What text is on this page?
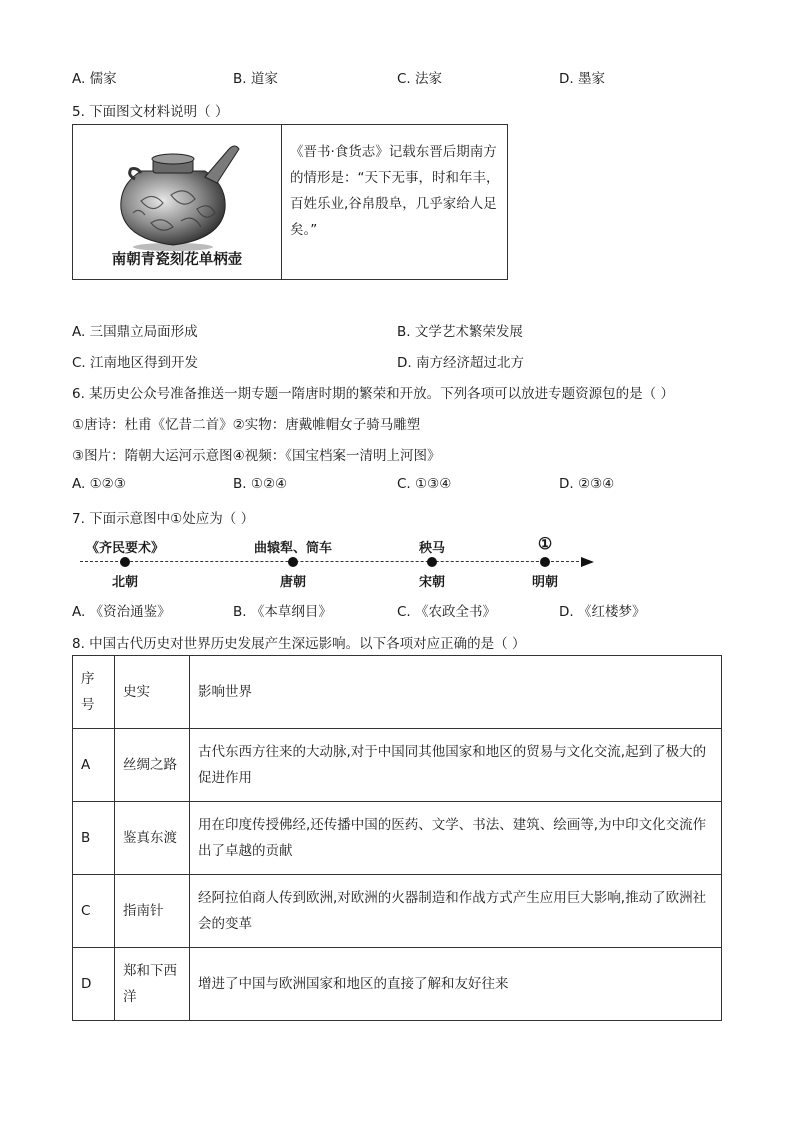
A. 儒家	B. 道家	C. 法家	D. 墨家
5. 下面图文材料说明（ ）
南朝青瓷刻花单柄壶
《晋书·食货志》记载东晋后期南方的情形是：“天下无事，时和年丰，百姓乐业,谷帛殷阜，几乎家给人足矣。”
A. 三国鼎立局面形成	B. 文学艺术繁荣发展
C. 江南地区得到开发	D. 南方经济超过北方
6. 某历史公众号准备推送一期专题一隋唐时期的繁荣和开放。下列各项可以放进专题资源包的是（ ）
①唐诗：杜甫《忆昔二首》②实物：唐戴帷帽女子骑马雕塑
③图片：隋朝大运河示意图④视频：《国宝档案一清明上河图》
A. ①②③	B. ①②④	C. ①③④	D. ②③④
7. 下面示意图中①处应为（ ）
《齐民要术》
北朝
曲辕犁、筒车
唐朝
秧马
宋朝
①
明朝
A. 《资治通鉴》	B. 《本草纲目》	C. 《农政全书》	D. 《红楼梦》
8. 中国古代历史对世界历史发展产生深远影响。以下各项对应正确的是（ ）
序号	史实	影响世界
A	丝绸之路	古代东西方往来的大动脉,对于中国同其他国家和地区的贸易与文化交流,起到了极大的促进作用
B	鉴真东渡	用在印度传授佛经,还传播中国的医药、文学、书法、建筑、绘画等,为中印文化交流作出了卓越的贡献
C	指南针	经阿拉伯商人传到欧洲,对欧洲的火器制造和作战方式产生应用巨大影响,推动了欧洲社会的变革
D	郑和下西洋	增进了中国与欧洲国家和地区的直接了解和友好往来
